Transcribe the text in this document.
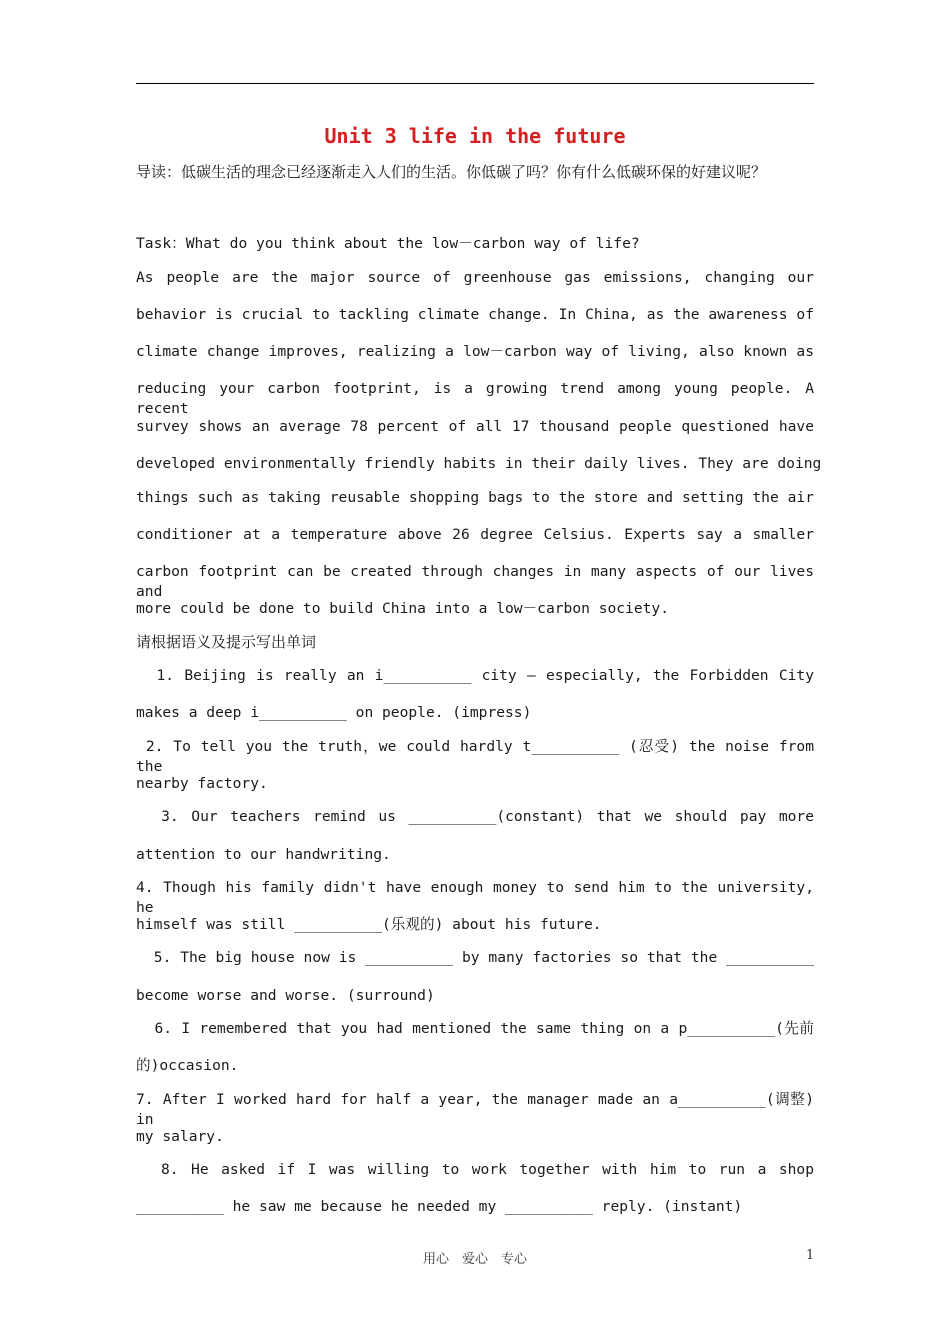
Unit 3 life in the future
导读：低碳生活的理念已经逐渐走入人们的生活。你低碳了吗？你有什么低碳环保的好建议呢？
Task：What do you think about the low－carbon way of life?
As people are the major source of greenhouse gas emissions, changing our
behavior is crucial to tackling climate change. In China, as the awareness of
climate change improves, realizing a low－carbon way of living, also known as
reducing your carbon footprint, is a growing trend among young people. A recent
survey shows an average 78 percent of all 17 thousand people questioned have
developed environmentally friendly habits in their daily lives. They are doing
things such as taking reusable shopping bags to the store and setting the air
conditioner at a temperature above 26 degree Celsius. Experts say a smaller
carbon footprint can be created through changes in many aspects of our lives and
more could be done to build China into a low－carbon society.
请根据语义及提示写出单词
1. Beijing is really an i__________ city — especially, the Forbidden City
makes a deep i__________ on people. (impress)
2. To tell you the truth，we could hardly t__________ (忍受) the noise from the
nearby factory.
3. Our teachers remind us __________(constant) that we should pay more
attention to our handwriting.
4. Though his family didn't have enough money to send him to the university, he
himself was still __________(乐观的) about his future.
5. The big house now is __________ by many factories so that the __________
become worse and worse. (surround)
6. I remembered that you had mentioned the same thing on a p__________(先前
的)occasion.
7. After I worked hard for half a year, the manager made an a__________(调整) in
my salary.
8. He asked if I was willing to work together with him to run a shop
__________ he saw me because he needed my __________ reply. (instant)
用心　爱心　专心	1
